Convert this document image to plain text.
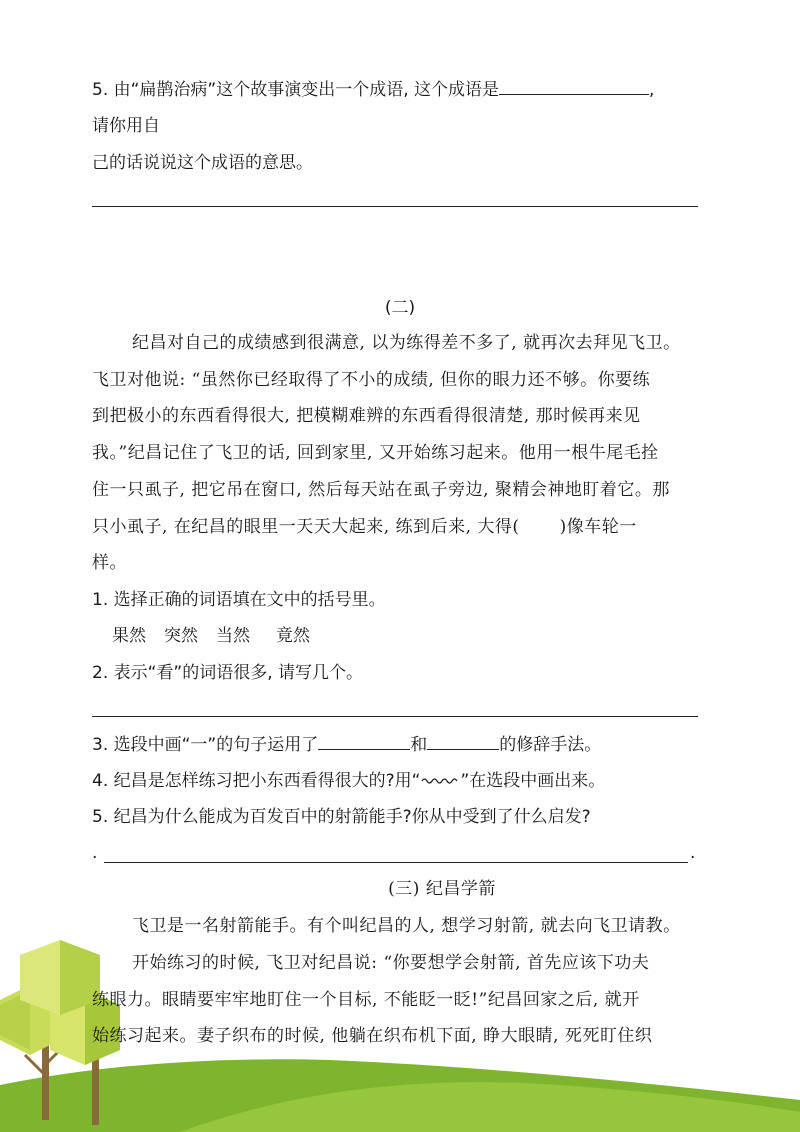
5. 由“扁鹊治病”这个故事演变出一个成语, 这个成语是	,
请你用自
己的话说说这个成语的意思。
(二)
纪昌对自己的成绩感到很满意, 以为练得差不多了, 就再次去拜见飞卫。
飞卫对他说: “虽然你已经取得了不小的成绩, 但你的眼力还不够。你要练
到把极小的东西看得很大, 把模糊难辨的东西看得很清楚, 那时候再来见
我。”纪昌记住了飞卫的话, 回到家里, 又开始练习起来。他用一根牛尾毛拴
住一只虱子, 把它吊在窗口, 然后每天站在虱子旁边, 聚精会神地盯着它。那
只小虱子, 在纪昌的眼里一天天大起来, 练到后来, 大得( )像车轮一
样。
1. 选择正确的词语填在文中的括号里。
果然 突然 当然 竟然
2. 表示“看”的词语很多, 请写几个。
3. 选段中画“一”的句子运用了	和	的修辞手法。
4. 纪昌是怎样练习把小东西看得很大的?用“ ”在选段中画出来。
5. 纪昌为什么能成为百发百中的射箭能手?你从中受到了什么启发?
.	.
(三) 纪昌学箭
飞卫是一名射箭能手。有个叫纪昌的人, 想学习射箭, 就去向飞卫请教。
开始练习的时候, 飞卫对纪昌说: “你要想学会射箭, 首先应该下功夫
练眼力。眼睛要牢牢地盯住一个目标, 不能眨一眨!”纪昌回家之后, 就开
始练习起来。妻子织布的时候, 他躺在织布机下面, 睁大眼睛, 死死盯住织
